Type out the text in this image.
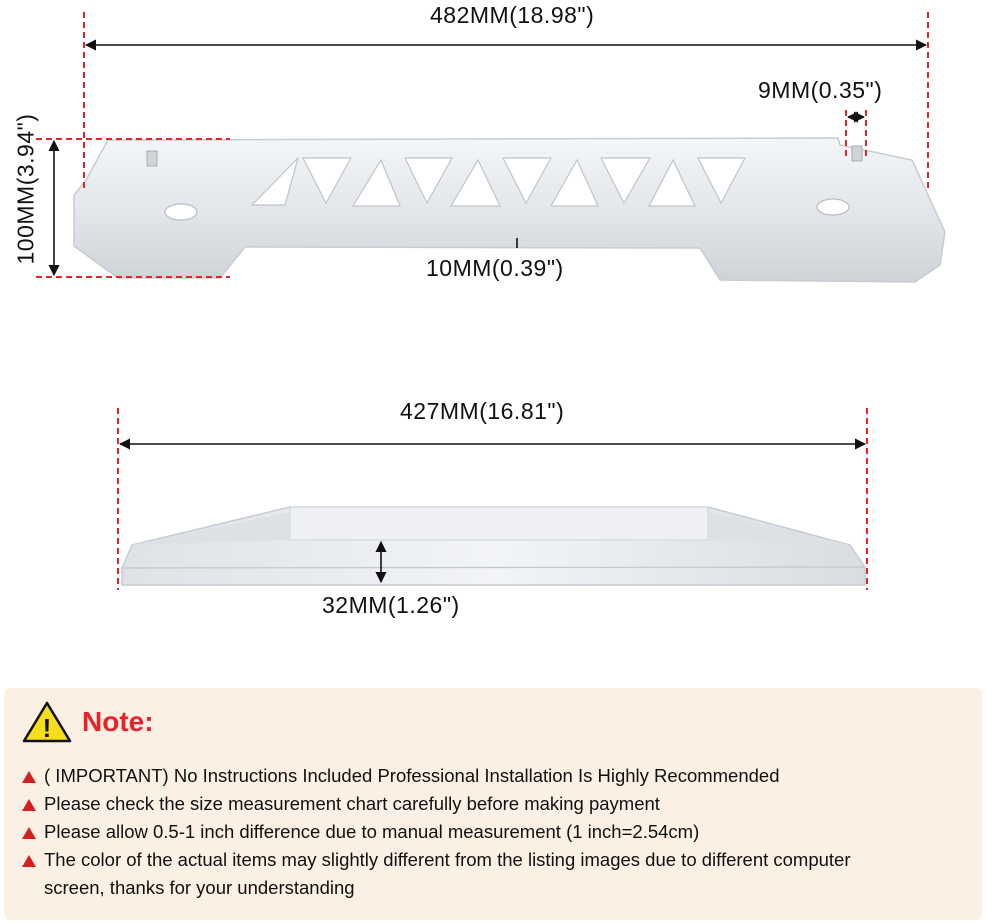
482MM(18.98")
9MM(0.35")
100MM(3.94")
10MM(0.39")
427MM(16.81")
32MM(1.26")
! Note:
( IMPORTANT) No Instructions Included Professional Installation Is Highly Recommended
Please check the size measurement chart carefully before making payment
Please allow 0.5-1 inch difference due to manual measurement (1 inch=2.54cm)
The color of the actual items may slightly different from the listing images due to different computer
screen, thanks for your understanding
